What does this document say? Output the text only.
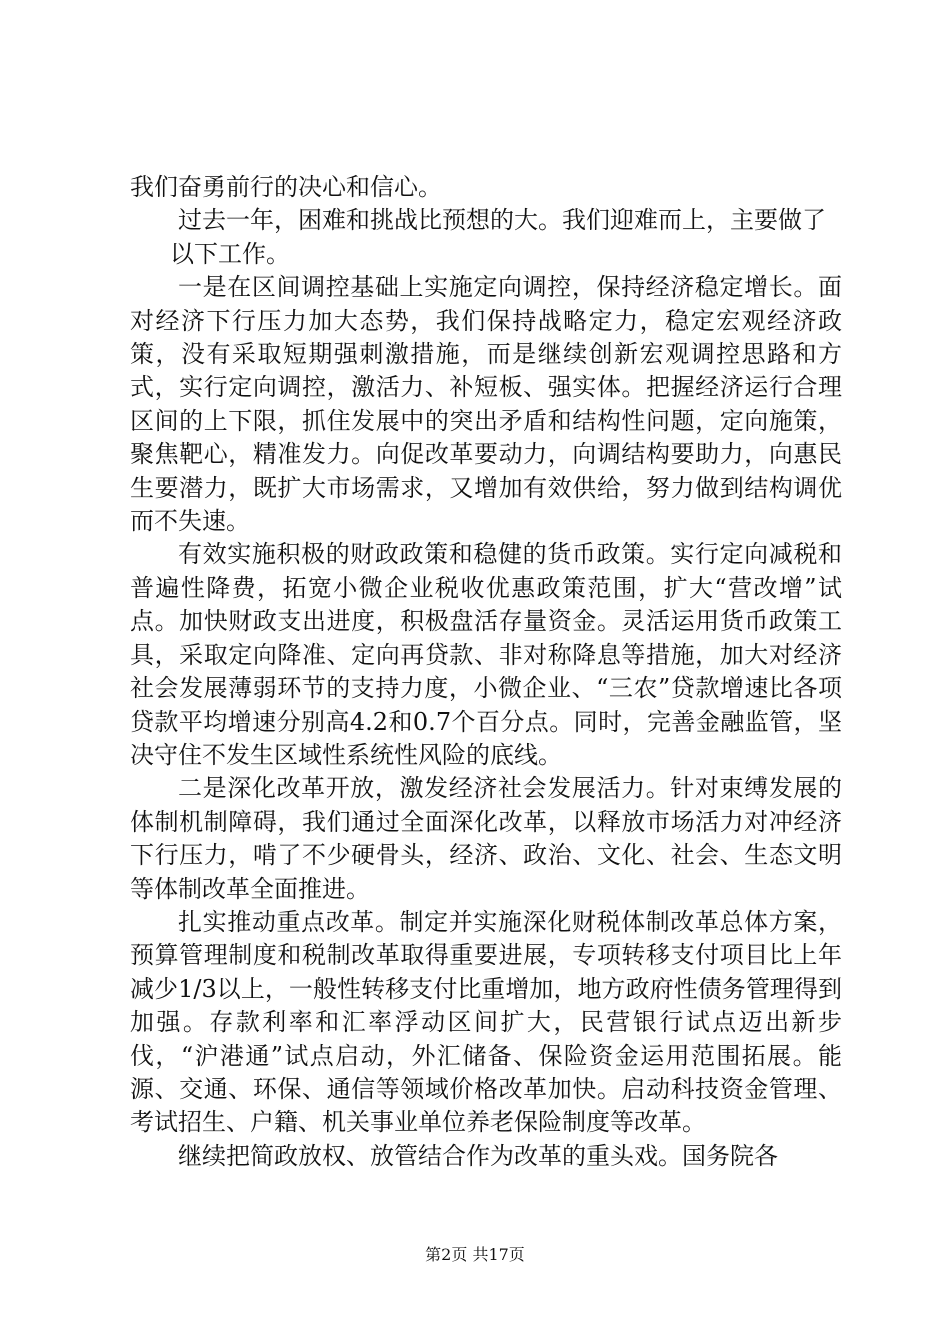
我们奋勇前行的决心和信心。

过去一年，困难和挑战比预想的大。我们迎难而上，主要做了

以下工作。

一是在区间调控基础上实施定向调控，保持经济稳定增长。面对经济下行压力加大态势，我们保持战略定力，稳定宏观经济政策，没有采取短期强刺激措施，而是继续创新宏观调控思路和方式，实行定向调控，激活力、补短板、强实体。把握经济运行合理区间的上下限，抓住发展中的突出矛盾和结构性问题，定向施策，聚焦靶心，精准发力。向促改革要动力，向调结构要助力，向惠民生要潜力，既扩大市场需求，又增加有效供给，努力做到结构调优而不失速。

有效实施积极的财政政策和稳健的货币政策。实行定向减税和普遍性降费，拓宽小微企业税收优惠政策范围，扩大“营改增”试点。加快财政支出进度，积极盘活存量资金。灵活运用货币政策工具，采取定向降准、定向再贷款、非对称降息等措施，加大对经济社会发展薄弱环节的支持力度，小微企业、“三农”贷款增速比各项贷款平均增速分别高4.2和0.7个百分点。同时，完善金融监管，坚决守住不发生区域性系统性风险的底线。

二是深化改革开放，激发经济社会发展活力。针对束缚发展的体制机制障碍，我们通过全面深化改革，以释放市场活力对冲经济下行压力，啃了不少硬骨头，经济、政治、文化、社会、生态文明等体制改革全面推进。

扎实推动重点改革。制定并实施深化财税体制改革总体方案，预算管理制度和税制改革取得重要进展，专项转移支付项目比上年减少1/3以上，一般性转移支付比重增加，地方政府性债务管理得到加强。存款利率和汇率浮动区间扩大，民营银行试点迈出新步伐，“沪港通”试点启动，外汇储备、保险资金运用范围拓展。能源、交通、环保、通信等领域价格改革加快。启动科技资金管理、考试招生、户籍、机关事业单位养老保险制度等改革。

继续把简政放权、放管结合作为改革的重头戏。国务院各

第2页 共17页
